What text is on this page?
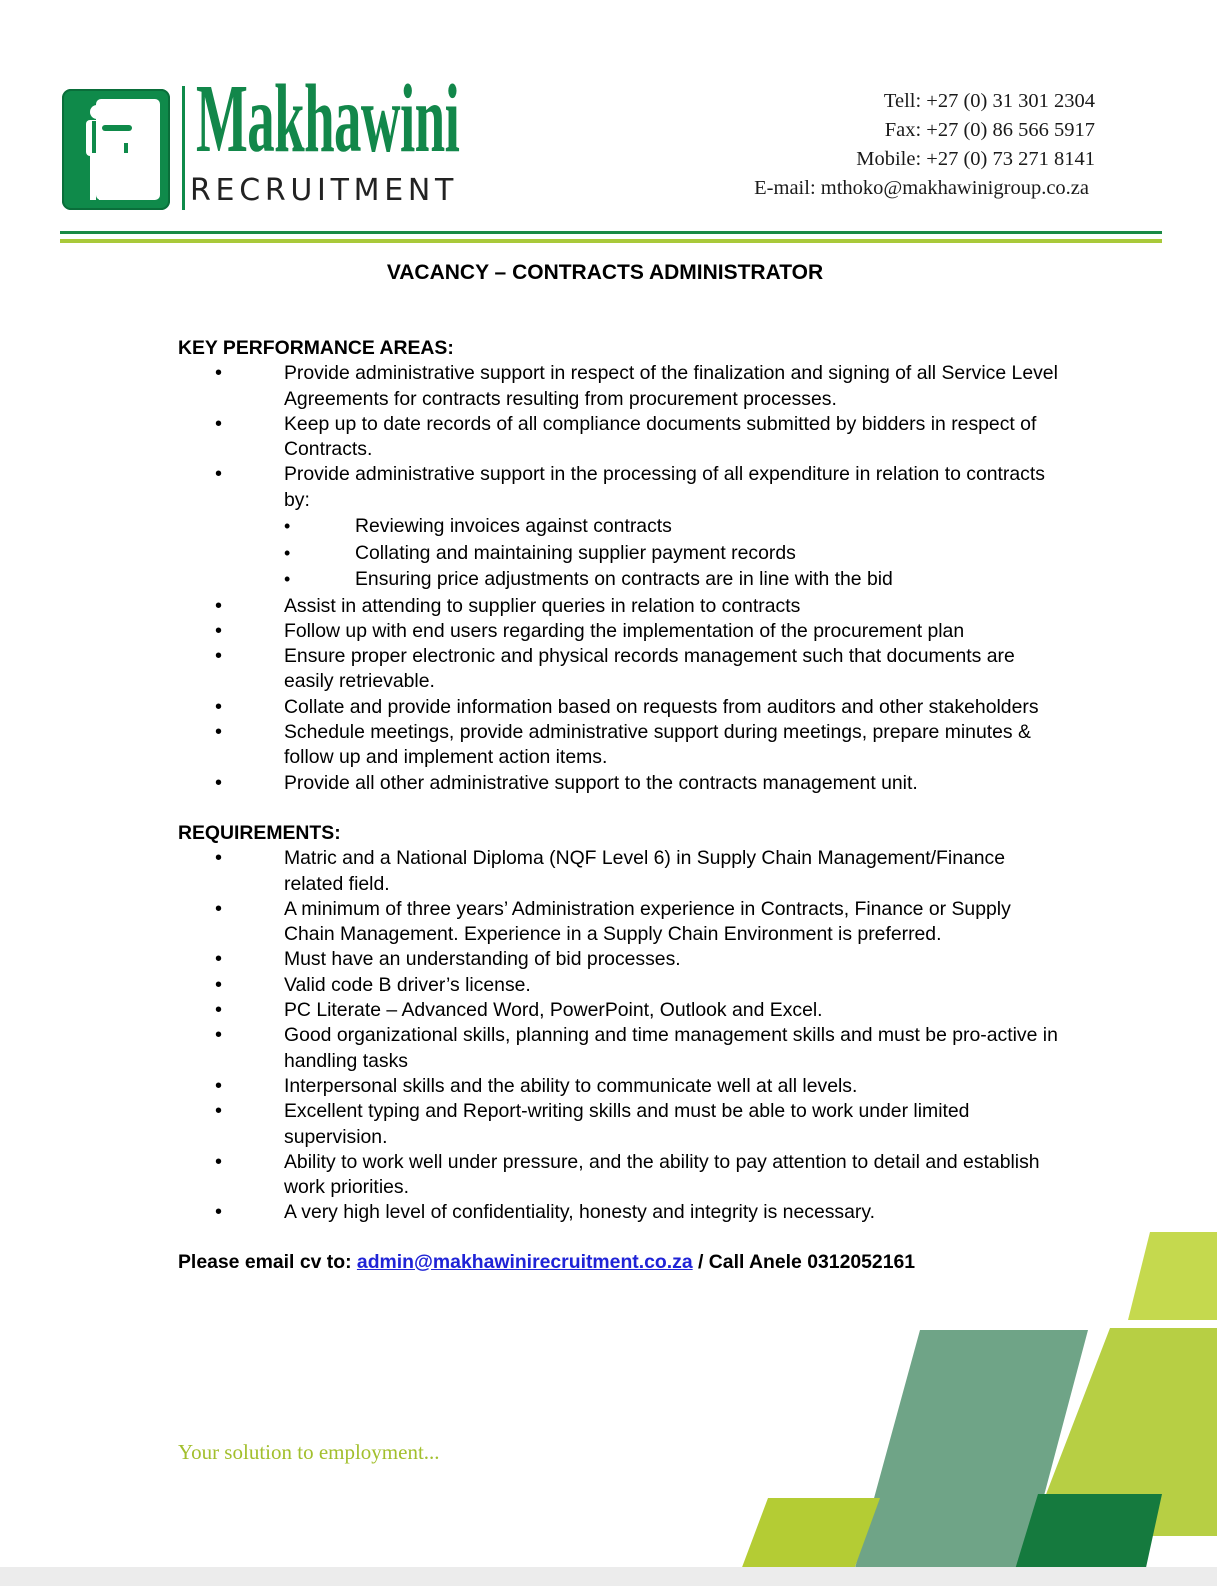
Makhawini
RECRUITMENT
Tell: +27 (0) 31 301 2304
Fax: +27 (0) 86 566 5917
Mobile: +27 (0) 73 271 8141
E-mail: mthoko@makhawinigroup.co.za
VACANCY – CONTRACTS ADMINISTRATOR
KEY PERFORMANCE AREAS:
•	Provide administrative support in respect of the finalization and signing of all Service Level Agreements for contracts resulting from procurement processes.
•	Keep up to date records of all compliance documents submitted by bidders in respect of Contracts.
•	Provide administrative support in the processing of all expenditure in relation to contracts by:
•	Reviewing invoices against contracts
•	Collating and maintaining supplier payment records
•	Ensuring price adjustments on contracts are in line with the bid
•	Assist in attending to supplier queries in relation to contracts
•	Follow up with end users regarding the implementation of the procurement plan
•	Ensure proper electronic and physical records management such that documents are easily retrievable.
•	Collate and provide information based on requests from auditors and other stakeholders
•	Schedule meetings, provide administrative support during meetings, prepare minutes & follow up and implement action items.
•	Provide all other administrative support to the contracts management unit.
REQUIREMENTS:
•	Matric and a National Diploma (NQF Level 6) in Supply Chain Management/Finance related field.
•	A minimum of three years’ Administration experience in Contracts, Finance or Supply Chain Management. Experience in a Supply Chain Environment is preferred.
•	Must have an understanding of bid processes.
•	Valid code B driver’s license.
•	PC Literate – Advanced Word, PowerPoint, Outlook and Excel.
•	Good organizational skills, planning and time management skills and must be pro-active in handling tasks
•	Interpersonal skills and the ability to communicate well at all levels.
•	Excellent typing and Report-writing skills and must be able to work under limited supervision.
•	Ability to work well under pressure, and the ability to pay attention to detail and establish work priorities.
•	A very high level of confidentiality, honesty and integrity is necessary.
Please email cv to: admin@makhawinirecruitment.co.za / Call Anele 0312052161
Your solution to employment...
